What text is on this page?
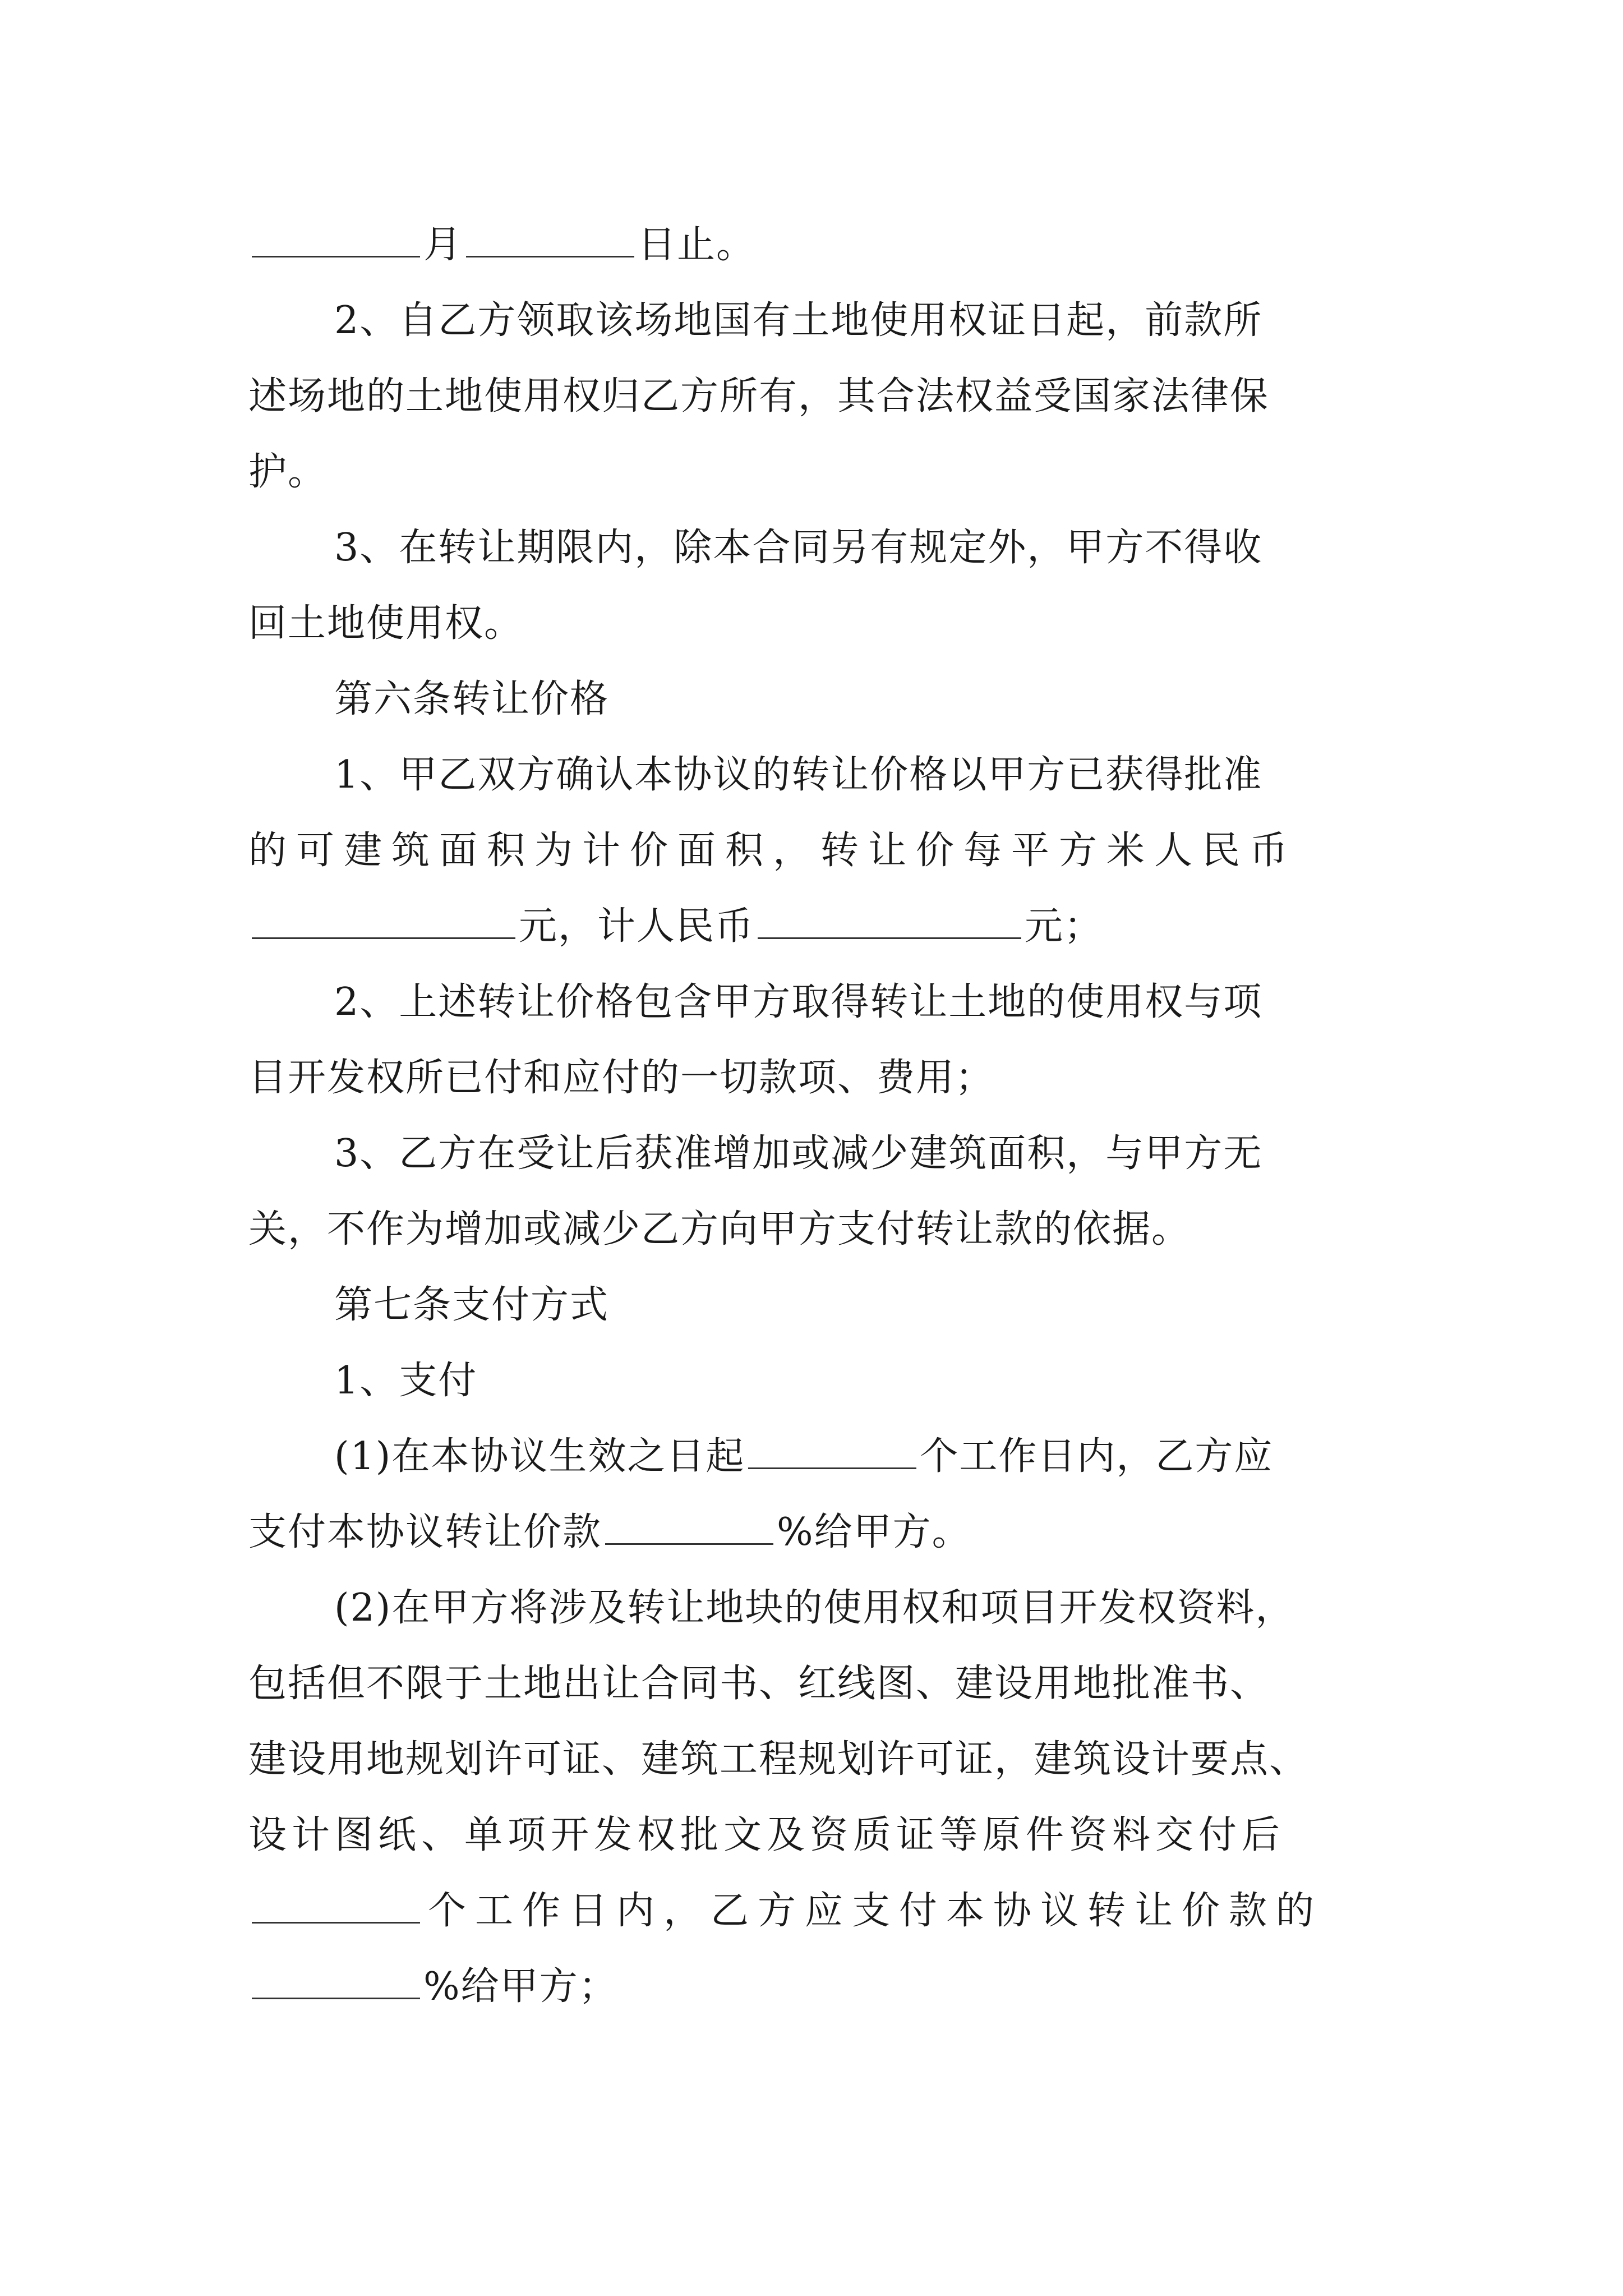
月	日止。
2、自乙方领取该场地国有土地使用权证日起，前款所
述场地的土地使用权归乙方所有，其合法权益受国家法律保
护。
3、在转让期限内，除本合同另有规定外，甲方不得收
回土地使用权。
第六条转让价格
1、甲乙双方确认本协议的转让价格以甲方已获得批准
的可建筑面积为计价面积，转让价每平方米人民币
元，计人民币	元；
2、上述转让价格包含甲方取得转让土地的使用权与项
目开发权所已付和应付的一切款项、费用；
3、乙方在受让后获准增加或减少建筑面积，与甲方无
关，不作为增加或减少乙方向甲方支付转让款的依据。
第七条支付方式
1、支付
(1)在本协议生效之日起	个工作日内，乙方应
支付本协议转让价款	%给甲方。
(2)在甲方将涉及转让地块的使用权和项目开发权资料，
包括但不限于土地出让合同书、红线图、建设用地批准书、
建设用地规划许可证、建筑工程规划许可证，建筑设计要点、
设计图纸、单项开发权批文及资质证等原件资料交付后
个工作日内，乙方应支付本协议转让价款的
%给甲方；
